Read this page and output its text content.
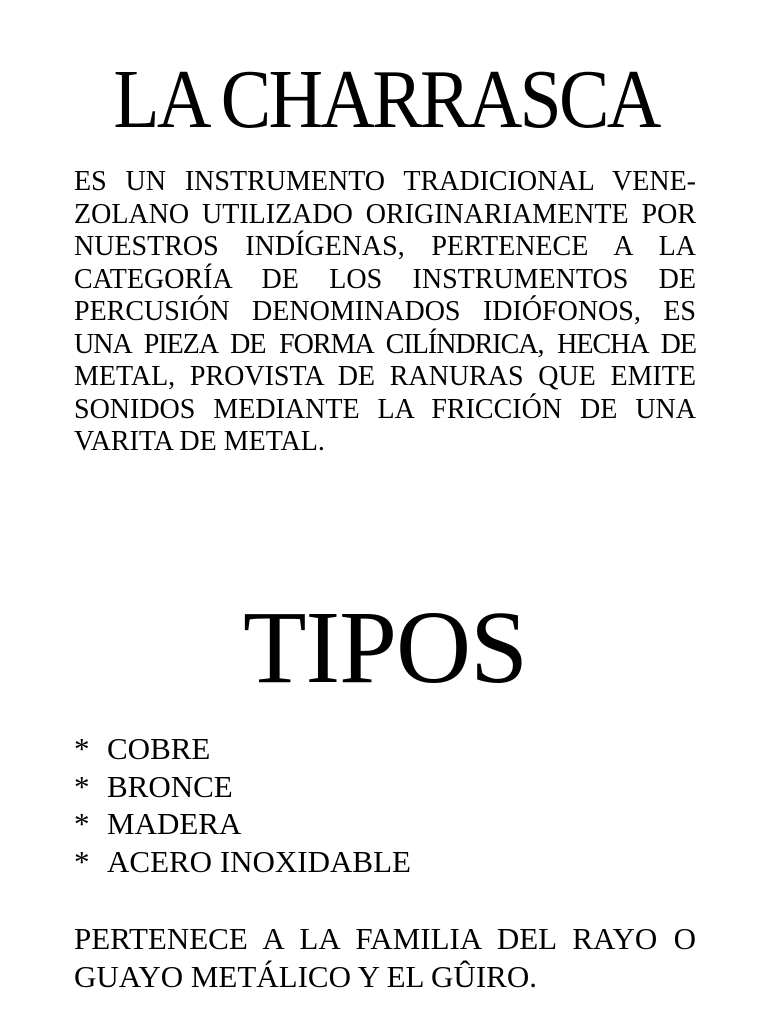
LA CHARRASCA
ES UN INSTRUMENTO TRADICIONAL VENE-
ZOLANO UTILIZADO ORIGINARIAMENTE POR
NUESTROS INDÍGENAS, PERTENECE A LA
CATEGORÍA DE LOS INSTRUMENTOS DE
PERCUSIÓN DENOMINADOS IDIÓFONOS, ES
UNA PIEZA DE FORMA CILÍNDRICA, HECHA DE
METAL, PROVISTA DE RANURAS QUE EMITE
SONIDOS MEDIANTE LA FRICCIÓN DE UNA
VARITA DE METAL.
TIPOS
* COBRE
* BRONCE
* MADERA
* ACERO INOXIDABLE
PERTENECE A LA FAMILIA DEL RAYO O
GUAYO METÁLICO Y EL GÛIRO.
